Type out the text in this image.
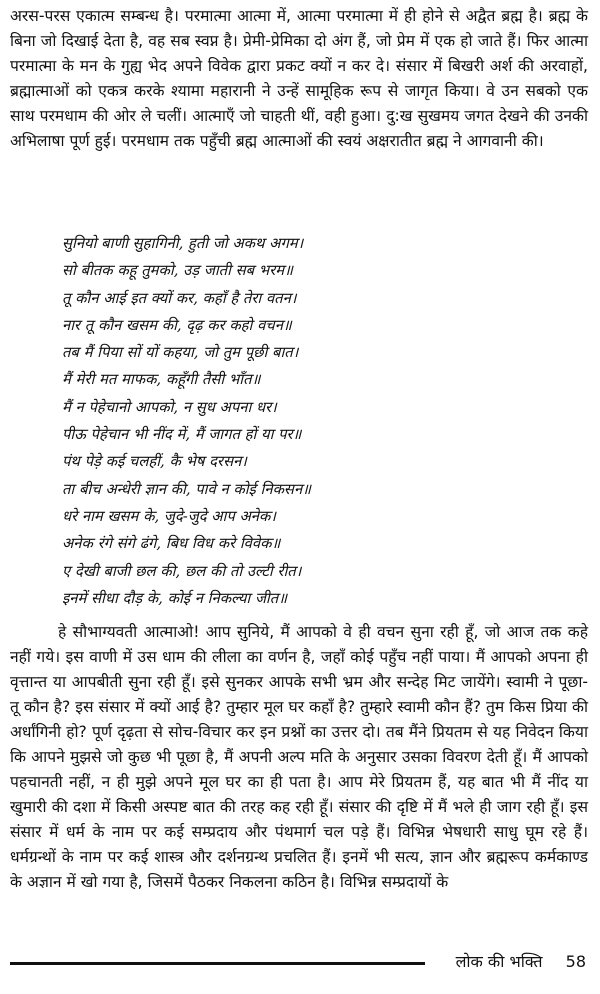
अरस-परस एकात्म सम्बन्ध है। परमात्मा आत्मा में, आत्मा परमात्मा में ही होने से अद्वैत ब्रह्म है। ब्रह्म के बिना जो दिखाई देता है, वह सब स्वप्न है। प्रेमी-प्रेमिका दो अंग हैं, जो प्रेम में एक हो जाते हैं। फिर आत्मा परमात्मा के मन के गुह्य भेद अपने विवेक द्वारा प्रकट क्यों न कर दे। संसार में बिखरी अर्श की अरवाहों, ब्रह्मात्माओं को एकत्र करके श्यामा महारानी ने उन्हें सामूहिक रूप से जागृत किया। वे उन सबको एक साथ परमधाम की ओर ले चलीं। आत्माएँ जो चाहती थीं, वही हुआ। दु:ख सुखमय जगत देखने की उनकी अभिलाषा पूर्ण हुई। परमधाम तक पहुँची ब्रह्म आत्माओं की स्वयं अक्षरातीत ब्रह्म ने आगवानी की।

सुनियो बाणी सुहागिनी, हुती जो अकथ अगम।
सो बीतक कहू तुमको, उड़ जाती सब भरम॥
तू कौन आई इत क्यों कर, कहाँ है तेरा वतन।
नार तू कौन खसम की, दृढ़ कर कहो वचन॥
तब मैं पिया सों यों कहया, जो तुम पूछी बात।
मैं मेरी मत माफक, कहूँगी तैसी भाँत॥
मैं न पेहेचानो आपको, न सुध अपना धर।
पीऊ पेहेचान भी नींद में, मैं जागत हों या पर॥
पंथ पेड़े कई चलहीं, कै भेष दरसन।
ता बीच अन्धेरी ज्ञान की, पावे न कोई निकसन॥
धरे नाम खसम के, जुदे-जुदे आप अनेक।
अनेक रंगे संगे ढंगे, बिध विध करे विवेक॥
ए देखी बाजी छल की, छल की तो उल्टी रीत।
इनमें सीधा दौड़ के, कोई न निकल्या जीत॥

हे सौभाग्यवती आत्माओ! आप सुनिये, मैं आपको वे ही वचन सुना रही हूँ, जो आज तक कहे नहीं गये। इस वाणी में उस धाम की लीला का वर्णन है, जहाँ कोई पहुँच नहीं पाया। मैं आपको अपना ही वृत्तान्त या आपबीती सुना रही हूँ। इसे सुनकर आपके सभी भ्रम और सन्देह मिट जायेंगे। स्वामी ने पूछा- तू कौन है? इस संसार में क्यों आई है? तुम्हार मूल घर कहाँ है? तुम्हारे स्वामी कौन हैं? तुम किस प्रिया की अर्धांगिनी हो? पूर्ण दृढ़ता से सोच-विचार कर इन प्रश्नों का उत्तर दो। तब मैंने प्रियतम से यह निवेदन किया कि आपने मुझसे जो कुछ भी पूछा है, मैं अपनी अल्प मति के अनुसार उसका विवरण देती हूँ। मैं आपको पहचानती नहीं, न ही मुझे अपने मूल घर का ही पता है। आप मेरे प्रियतम हैं, यह बात भी मैं नींद या खुमारी की दशा में किसी अस्पष्ट बात की तरह कह रही हूँ। संसार की दृष्टि में मैं भले ही जाग रही हूँ। इस संसार में धर्म के नाम पर कई सम्प्रदाय और पंथमार्ग चल पड़े हैं। विभिन्न भेषधारी साधु घूम रहे हैं। धर्मग्रन्थों के नाम पर कई शास्त्र और दर्शनग्रन्थ प्रचलित हैं। इनमें भी सत्य, ज्ञान और ब्रह्मरूप कर्मकाण्ड के अज्ञान में खो गया है, जिसमें पैठकर निकलना कठिन है। विभिन्न सम्प्रदायों के

लोक की भक्ति 58
